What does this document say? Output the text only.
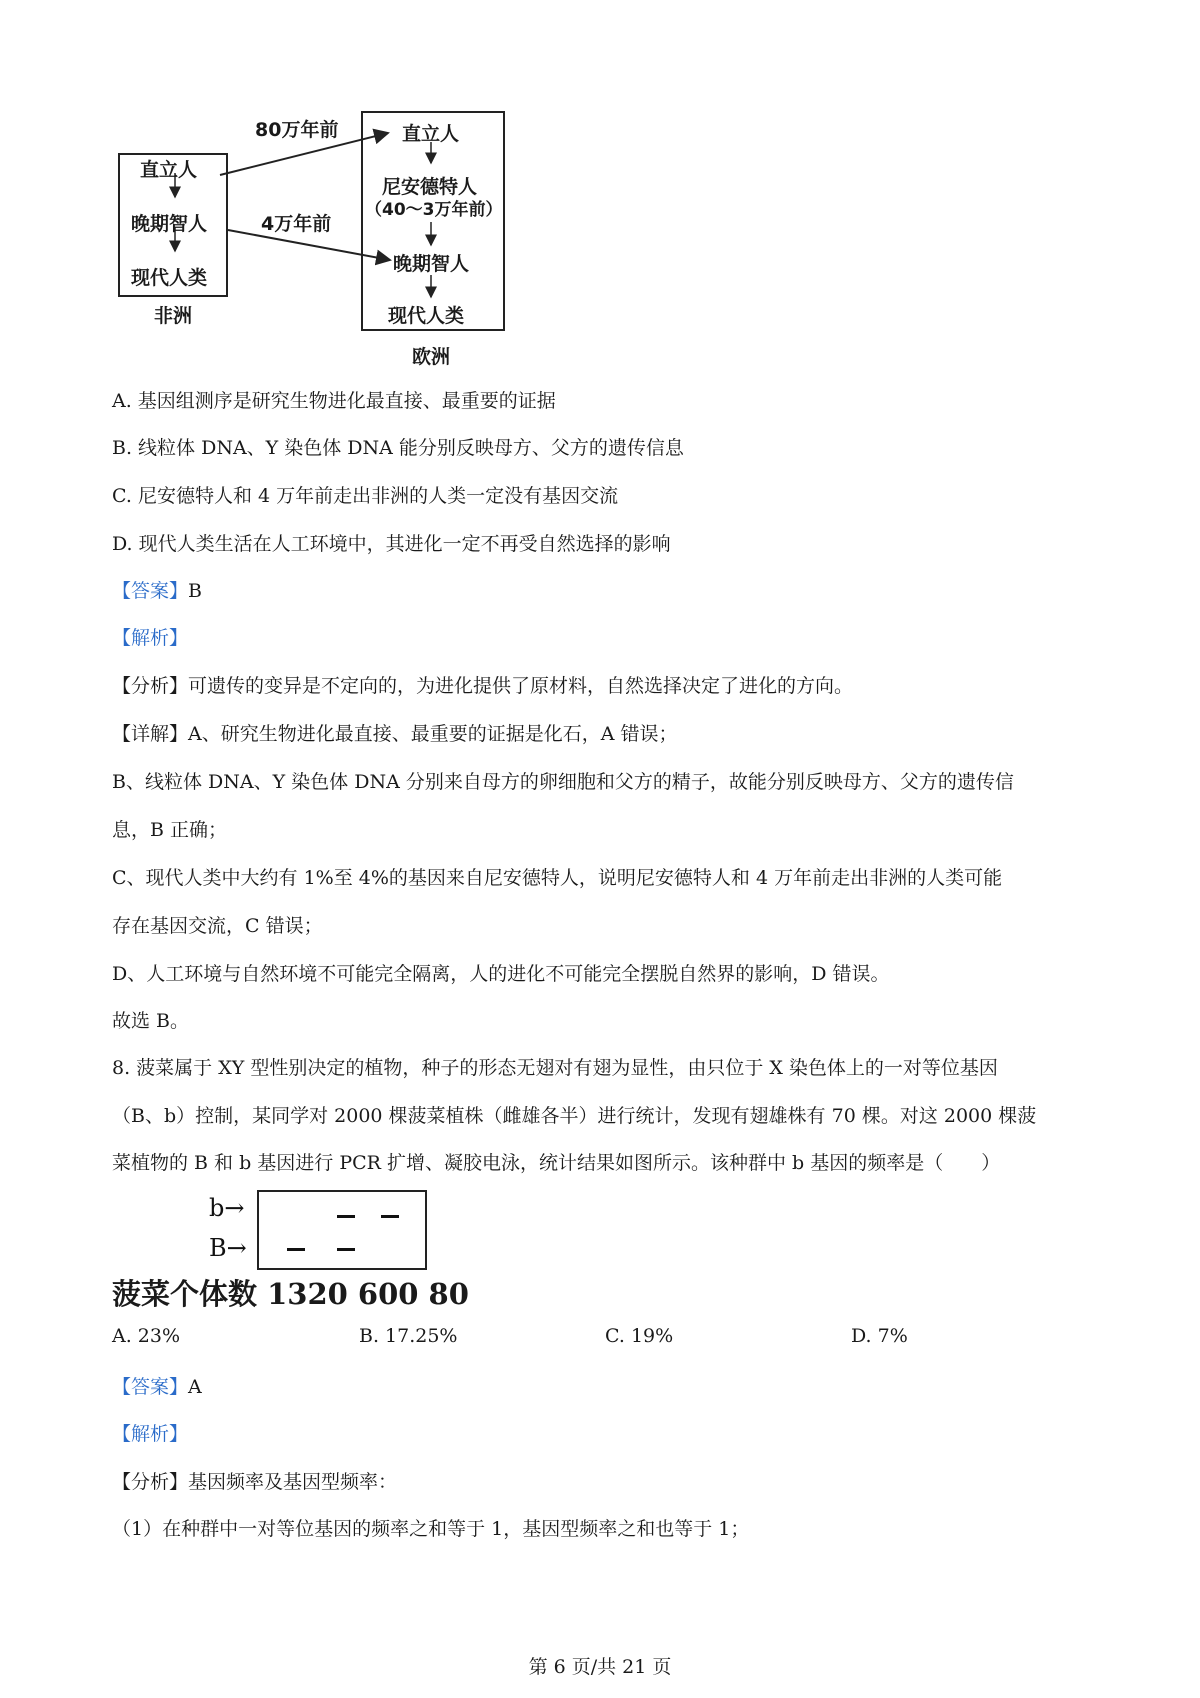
直立人
晚期智人
现代人类
非洲
80万年前
4万年前
直立人
尼安德特人
（40～3万年前）
晚期智人
现代人类
欧洲
A. 基因组测序是研究生物进化最直接、最重要的证据
B. 线粒体 DNA、Y 染色体 DNA 能分别反映母方、父方的遗传信息
C. 尼安德特人和 4 万年前走出非洲的人类一定没有基因交流
D. 现代人类生活在人工环境中，其进化一定不再受自然选择的影响
【答案】B
【解析】
【分析】可遗传的变异是不定向的，为进化提供了原材料，自然选择决定了进化的方向。
【详解】A、研究生物进化最直接、最重要的证据是化石，A 错误；
B、线粒体 DNA、Y 染色体 DNA 分别来自母方的卵细胞和父方的精子，故能分别反映母方、父方的遗传信
息，B 正确；
C、现代人类中大约有 1%至 4%的基因来自尼安德特人，说明尼安德特人和 4 万年前走出非洲的人类可能
存在基因交流，C 错误；
D、人工环境与自然环境不可能完全隔离，人的进化不可能完全摆脱自然界的影响，D 错误。
故选 B。
8. 菠菜属于 XY 型性别决定的植物，种子的形态无翅对有翅为显性，由只位于 X 染色体上的一对等位基因
（B、b）控制，某同学对 2000 棵菠菜植株（雌雄各半）进行统计，发现有翅雄株有 70 棵。对这 2000 棵菠
菜植物的 B 和 b 基因进行 PCR 扩增、凝胶电泳，统计结果如图所示。该种群中 b 基因的频率是（　　）
b→
B→
菠菜个体数 1320 600 80
A. 23%	B. 17.25%	C. 19%	D. 7%
【答案】A
【解析】
【分析】基因频率及基因型频率：
（1）在种群中一对等位基因的频率之和等于 1，基因型频率之和也等于 1；
第 6 页/共 21 页
